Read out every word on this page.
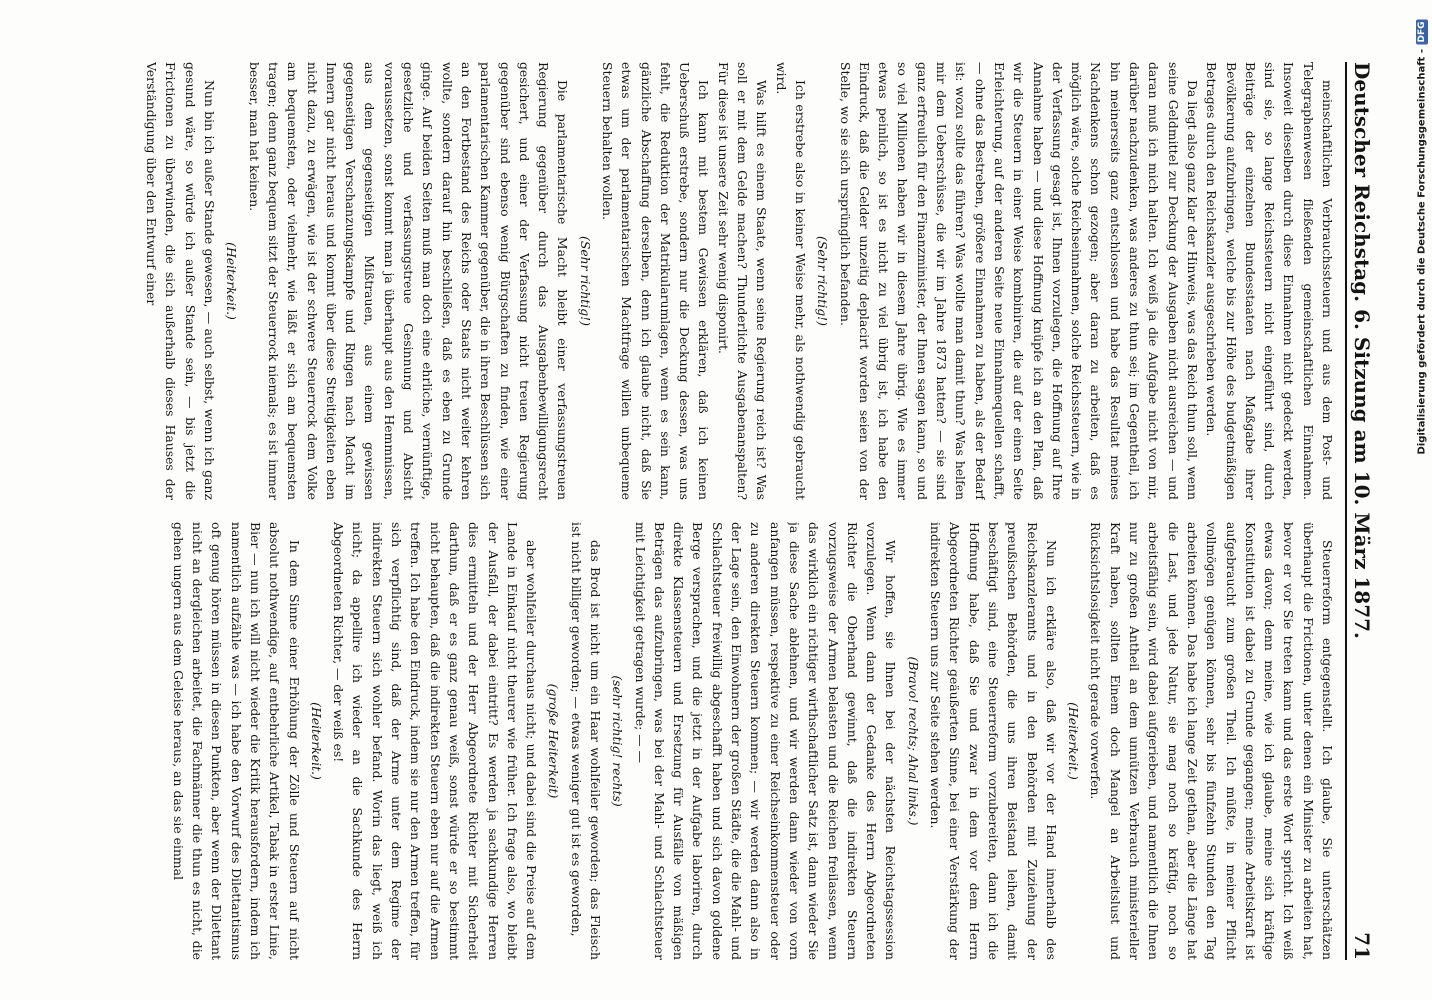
Deutscher Reichstag. 6. Sitzung am 10. März 1877.
71

meinschaftlichen Verbrauchssteuern und aus dem Post- und Telegraphenwesen fließenden gemeinschaftlichen Einnahmen. Insoweit dieselben durch diese Einnahmen nicht gedeckt werden, sind sie, so lange Reichssteuern nicht eingeführt sind, durch Beiträge der einzelnen Bundesstaaten nach Maßgabe ihrer Bevölkerung aufzubringen, welche bis zur Höhe des budgetmäßigen Betrages durch den Reichskanzler ausgeschrieben werden.

Da liegt also ganz klar der Hinweis, was das Reich thun soll, wenn seine Geldmittel zur Deckung der Ausgaben nicht ausreichen — und daran muß ich mich halten. Ich weiß ja die Aufgabe nicht von mir, darüber nachzudenken, was anderes zu thun sei; im Gegentheil, ich bin meinerseits ganz entschlossen und habe das Resultat meines Nachdenkens schon gezogen; aber daran zu arbeiten, daß es möglich wäre, solche Reichseinnahmen, solche Reichssteuern, wie in der Verfassung gesagt ist, Ihnen vorzulegen, die Hoffnung auf Ihre Annahme haben — und diese Hoffnung knüpfe ich an den Plan, daß wir die Steuern in einer Weise kombiniren, die auf der einen Seite Erleichterung, auf der anderen Seite neue Einnahmequellen schafft, — ohne das Bestreben, größere Einnahmen zu haben, als der Bedarf ist: wozu sollte das führen? Was wollte man damit thun? Was helfen mir dem Ueberschüsse, die wir im Jahre 1873 hatten? — sie sind ganz erfreulich für den Finanzminister, der Ihnen sagen kann, so und so viel Millionen haben wir in diesem Jahre übrig. Wie es immer etwas peinlich, so ist es nicht zu viel übrig ist, ich habe den Eindruck, daß die Gelder unzeitig deplacirt worden seien von der Stelle, wo sie sich ursprünglich befanden.

(Sehr richtig!)

Ich erstrebe also in keiner Weise mehr, als nothwendig gebraucht wird.

Was hilft es einem Staate, wenn seine Regierung reich ist? Was soll er mit dem Gelde machen? Thunderlichte Ausgabenanspalten? Für diese ist unsere Zeit sehr wenig disponirt.

Ich kann mit bestem Gewissen erklären, daß ich keinen Ueberschuß erstrebe, sondern nur die Deckung dessen, was uns fehlt, die Reduktion der Matrikularumlagen, wenn es sein kann, gänzliche Abschaffung derselben, denn ich glaube nicht, daß Sie etwas um der parlamentarischen Machtfrage willen unbequeme Steuern behalten wollen.

(Sehr richtig!)

Die parlamentarische Macht bleibt einer verfassungstreuen Regierung gegenüber durch das Ausgabenbewilligungsrecht gesichert, und einer der Verfassung nicht treuen Regierung gegenüber sind ebenso wenig Bürgschaften zu finden, wie einer parlamentarischen Kammer gegenüber, die in ihren Beschlüssen sich an den Fortbestand des Reichs oder Staats nicht weiter kehren wollte, sondern darauf hin beschließen, daß es eben zu Grunde ginge. Auf beiden Seiten muß man doch eine ehrliche, vernünftige, gesetzliche und verfassungstreue Gesinnung und Absicht voraussetzen, sonst kommt man ja überhaupt aus den Hemmnissen, aus dem gegenseitigen Mißtrauen, aus einem gewissen gegenseitigen Verschanzungskampfe und Ringen nach Macht im Innern gar nicht heraus und kommt über diese Streitigkeiten eben nicht dazu, zu erwägen, wie ist der schwere Steuerrock dem Volke am bequemsten, oder vielmehr, wie läßt er sich am bequemsten tragen; denn ganz bequem sitzt der Steuerrock niemals; es ist immer besser, man hat keinen.

(Heiterkeit.)

Nun bin ich außer Stande gewesen, — auch selbst, wenn ich ganz gesund wäre, so würde ich außer Stande sein, — bis jetzt die Frictionen zu überwinden, die sich außerhalb dieses Hauses der Verständigung über den Entwurf einer

Steuerreform entgegenstellt. Ich glaube, Sie unterschätzen überhaupt die Frictionen, unter denen ein Minister zu arbeiten hat, bevor er vor Sie treten kann und das erste Wort spricht. Ich weiß etwas davon; denn meine, wie ich glaube, meine sich kräftige Konstitution ist dabei zu Grunde gegangen; meine Arbeitskraft ist aufgebraucht zum großen Theil. Ich müßte, in meiner Pflicht vollmögen genügen können, sehr bis fünfzehn Stunden den Tag arbeiten können. Das habe ich lange Zeit gethan, aber die Länge hat die Last, und jede Natur, sie mag noch so kräftig, noch so arbeitsfähig sein, wird dabei aufgerieben, und namentlich die Ihnen nur zu großen Antheil an dem unnützen Verbrauch ministerieller Kraft haben, sollten Einem doch Mangel an Arbeitslust und Rücksichtslosigkeit nicht gerade vorwerfen.

(Heiterkeit.)

Nun ich erkläre also, daß wir vor der Hand innerhalb des Reichskanzleramts und in den Behörden mit Zuziehung der preußischen Behörden, die uns ihren Beistand leihen, damit beschäftigt sind, eine Steuerreform vorzubereiten, dann ich die Hoffnung habe, daß Sie und zwar in dem vor dem Herrn Abgeordneten Richter geäußerten Sinne, bei einer Verstärkung der indirekten Steuern uns zur Seite stehen werden.

(Bravo! rechts; Ahal links.)

Wir hoffen, sie Ihnen bei der nächsten Reichstagssession vorzulegen. Wenn dann der Gedanke des Herrn Abgeordneten Richter die Oberhand gewinnt, daß die indirekten Steuern vorzugsweise der Armen belasten und die Reichen freilassen, wenn das wirklich ein richtiger wirthschaftlicher Satz ist, dann wieder Sie ja diese Sache ablehnen, und wir werden dann wieder von vorn anfangen müssen, respektive zu einer Reichseinkommensteuer oder zu anderen direkten Steuern kommen; — wir werden dann also in der Lage sein, den Einwohnern der großen Städte, die die Mahl- und Schlachtsteuer freiwillig abgeschafft haben und sich davon goldene Berge versprachen, und die jetzt in der Aufgabe laboriren, durch direkte Klassensteuern und Ersetzung für Ausfälle von mäßigen Beträgen das aufzubringen, was bei der Mahl- und Schlachtsteuer mit Leichtigkeit getragen wurde; — —

(sehr richtig! rechts)

das Brod ist nicht um ein Haar wohlfeiler geworden; das Fleisch ist nicht billiger geworden; — etwas weniger gut ist es geworden,

(große Heiterkeit)

aber wohlfeiler durchaus nicht; und dabei sind die Preise auf dem Lande in Einkauf nicht theurer wie früher. Ich frage also, wo bleibt der Ausfall, der dabei eintritt? Es werden ja sachkundige Herren dies ermitteln und der Herr Abgeordnete Richter mit Sicherheit darthun, daß er es ganz genau weiß, sonst würde er so bestimmt nicht behaupten, daß die indirekten Steuern eben nur auf die Armen treffen. Ich habe den Eindruck, indem sie nur den Armen treffen, für sich verpflichtig sind, daß der Arme unter dem Regime der indirekten Steuern sich wohler befand. Worin das liegt, weiß ich nicht; da appellire ich wieder an die Sachkunde des Herrn Abgeordneten Richter, — der weiß es!

(Heiterkeit.)

In dem Sinne einer Erhöhung der Zölle und Steuern auf nicht absolut nothwendige, auf entbehrliche Artikel, Tabak in erster Linie, Bier — nun ich will nicht wieder die Kritik herausfordern, indem ich namentlich aufzähle was — ich habe den Vorwurf des Dilettantismus oft genug hören müssen in diesen Punkten, aber wenn der Dilettant nicht an dergleichen arbeitet, die Fachmänner die thun es nicht, die gehen ungern aus dem Geleise heraus, an das sie einmal

Digitalisierung gefördert durch die Deutsche Forschungsgemeinschaft -
DFG
